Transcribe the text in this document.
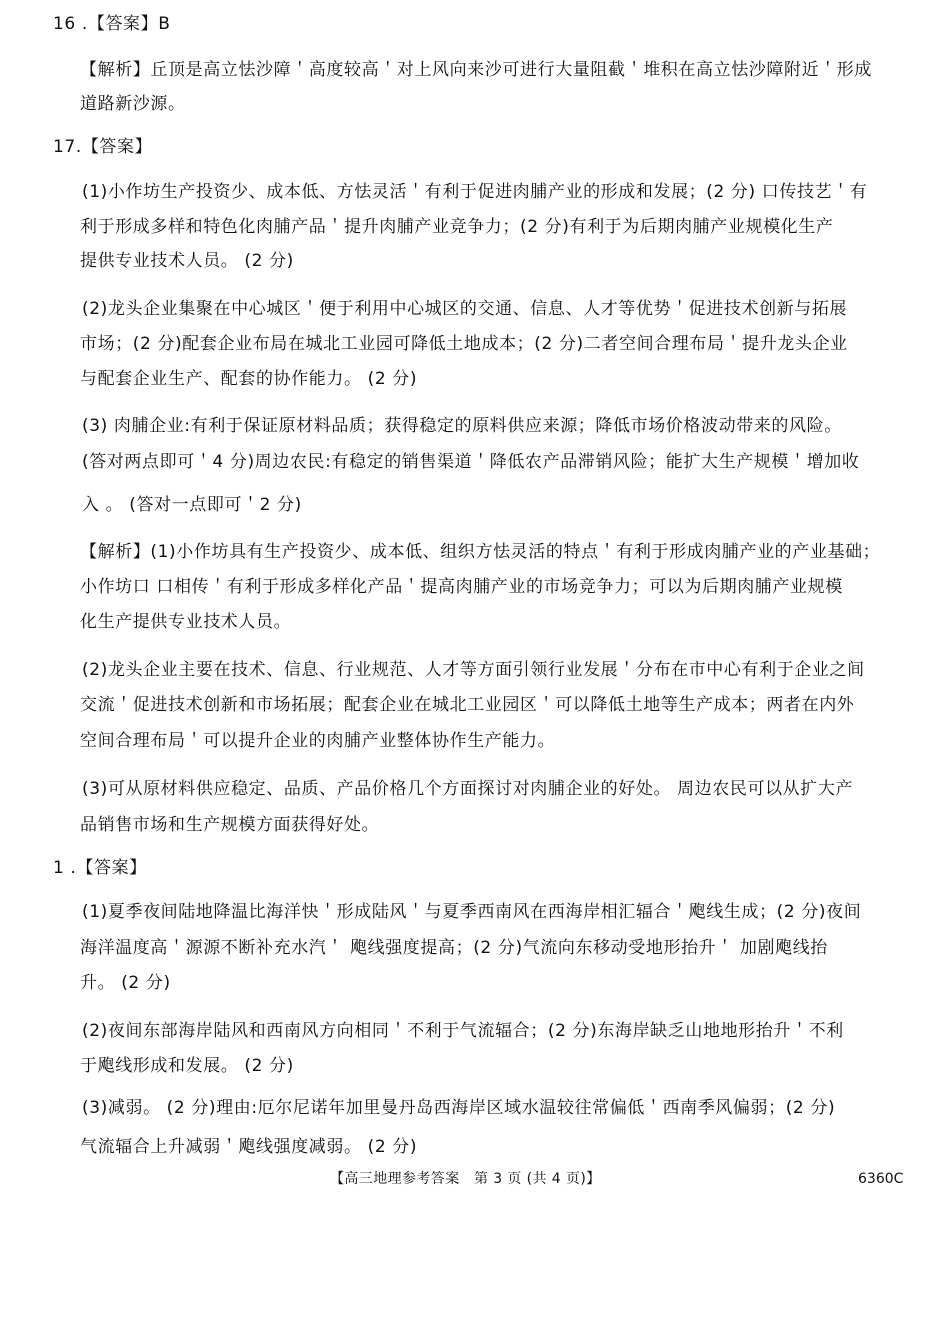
16 .【答案】B
【解析】丘顶是高立怯沙障＇高度较高＇对上风向来沙可进行大量阻截＇堆积在高立怯沙障附近＇形成
道路新沙源。
17.【答案】
(1)小作坊生产投资少、成本低、方怯灵活＇有利于促进肉脯产业的形成和发展；(2 分) 口传技艺＇有
利于形成多样和特色化肉脯产品＇提升肉脯产业竞争力；(2 分)有利于为后期肉脯产业规模化生产
提供专业技术人员。 (2 分)
(2)龙头企业集聚在中心城区＇便于利用中心城区的交通、信息、人才等优势＇促进技术创新与拓展
市场；(2 分)配套企业布局在城北工业园可降低土地成本；(2 分)二者空间合理布局＇提升龙头企业
与配套企业生产、配套的协作能力。 (2 分)
(3) 肉脯企业:有利于保证原材料品质；获得稳定的原料供应来源；降低市场价格波动带来的风险。
(答对两点即可＇4 分)周边农民:有稳定的销售渠道＇降低农产品滞销风险；能扩大生产规模＇增加收
入 。 (答对一点即可＇2 分)
【解析】(1)小作坊具有生产投资少、成本低、组织方怯灵活的特点＇有利于形成肉脯产业的产业基础；
小作坊口 口相传＇有利于形成多样化产品＇提高肉脯产业的市场竞争力；可以为后期肉脯产业规模
化生产提供专业技术人员。
(2)龙头企业主要在技术、信息、行业规范、人才等方面引领行业发展＇分布在市中心有利于企业之间
交流＇促进技术创新和市场拓展；配套企业在城北工业园区＇可以降低土地等生产成本；两者在内外
空间合理布局＇可以提升企业的肉脯产业整体协作生产能力。
(3)可从原材料供应稳定、品质、产品价格几个方面探讨对肉脯企业的好处。 周边农民可以从扩大产
品销售市场和生产规模方面获得好处。
1 .【答案】
(1)夏季夜间陆地降温比海洋快＇形成陆风＇与夏季西南风在西海岸相汇辐合＇飑线生成；(2 分)夜间
海洋温度高＇源源不断补充水汽＇ 飑线强度提高；(2 分)气流向东移动受地形抬升＇ 加剧飑线抬
升。 (2 分)
(2)夜间东部海岸陆风和西南风方向相同＇不利于气流辐合；(2 分)东海岸缺乏山地地形抬升＇不利
于飑线形成和发展。 (2 分)
(3)减弱。 (2 分)理由:厄尔尼诺年加里曼丹岛西海岸区域水温较往常偏低＇西南季风偏弱；(2 分)
气流辐合上升减弱＇飑线强度减弱。 (2 分)
【高三地理参考答案　第 3 页 (共 4 页)】	6360C
